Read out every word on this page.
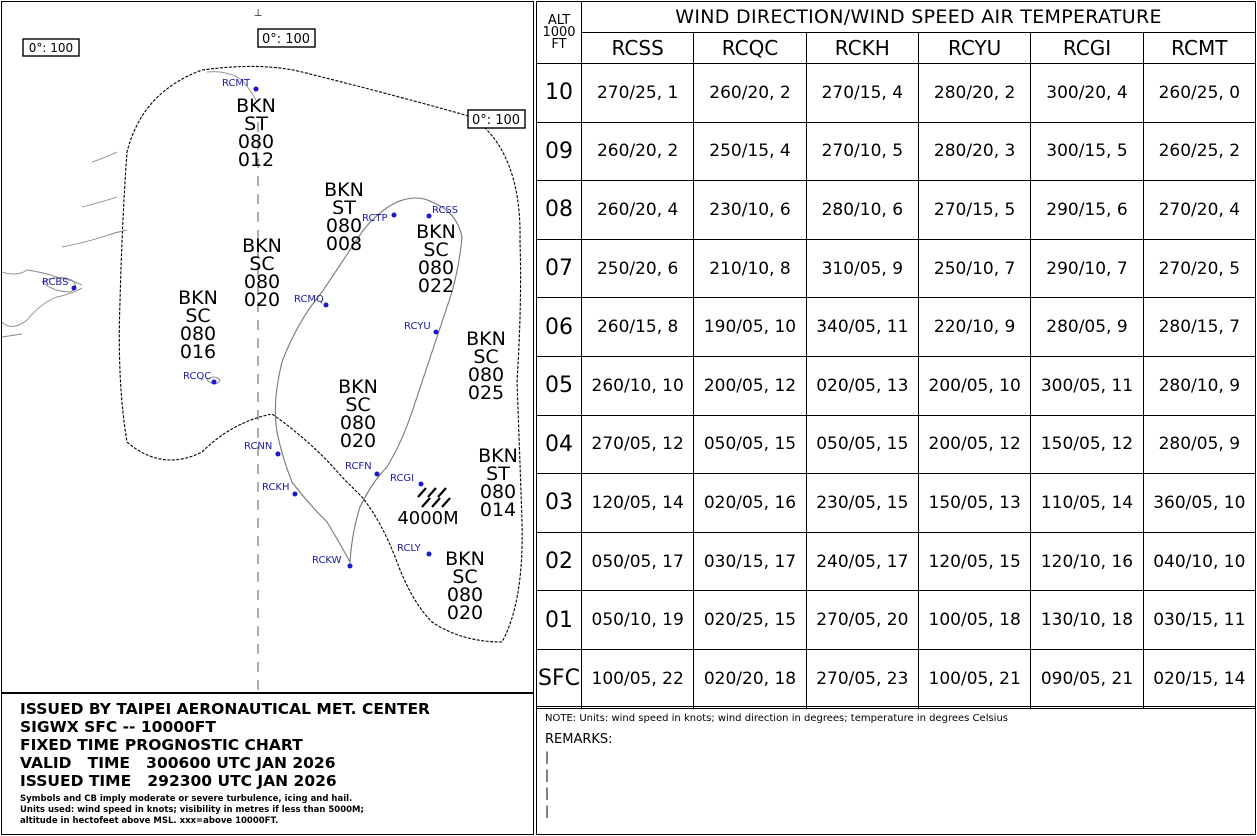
0°: 100
0°: 100
0°: 100
⊥
RCMT
RCTP
RCSS
RCBS
RCMQ
RCYU
RCQC
RCNN
RCFN
RCGI
RCKH
RCLY
RCKW
BKN
ST
080
012
BKN
ST
080
008
BKN
SC
080
022
BKN
SC
080
020
BKN
SC
080
016
BKN
SC
080
025
BKN
SC
080
020
BKN
ST
080
014
BKN
SC
080
020
4000M
ISSUED BY TAIPEI AERONAUTICAL MET. CENTER
SIGWX SFC -- 10000FT
FIXED TIME PROGNOSTIC CHART
VALID   TIME   300600 UTC JAN 2026
ISSUED TIME   292300 UTC JAN 2026
Symbols and CB imply moderate or severe turbulence, icing and hail.
Units used: wind speed in knots; visibility in metres if less than 5000M;
altitude in hectofeet above MSL. xxx=above 10000FT.
ALT
1000
FT	WIND DIRECTION/WIND SPEED AIR TEMPERATURE					
	RCSS	RCQC	RCKH	RCYU	RCGI	RCMT
10	270/25, 1	260/20, 2	270/15, 4	280/20, 2	300/20, 4	260/25, 0
09	260/20, 2	250/15, 4	270/10, 5	280/20, 3	300/15, 5	260/25, 2
08	260/20, 4	230/10, 6	280/10, 6	270/15, 5	290/15, 6	270/20, 4
07	250/20, 6	210/10, 8	310/05, 9	250/10, 7	290/10, 7	270/20, 5
06	260/15, 8	190/05, 10	340/05, 11	220/10, 9	280/05, 9	280/15, 7
05	260/10, 10	200/05, 12	020/05, 13	200/05, 10	300/05, 11	280/10, 9
04	270/05, 12	050/05, 15	050/05, 15	200/05, 12	150/05, 12	280/05, 9
03	120/05, 14	020/05, 16	230/05, 15	150/05, 13	110/05, 14	360/05, 10
02	050/05, 17	030/15, 17	240/05, 17	120/05, 15	120/10, 16	040/10, 10
01	050/10, 19	020/25, 15	270/05, 20	100/05, 18	130/10, 18	030/15, 11
SFC	100/05, 22	020/20, 18	270/05, 23	100/05, 21	090/05, 21	020/15, 14
NOTE: Units: wind speed in knots; wind direction in degrees; temperature in degrees Celsius
REMARKS:
|
|
|
|
